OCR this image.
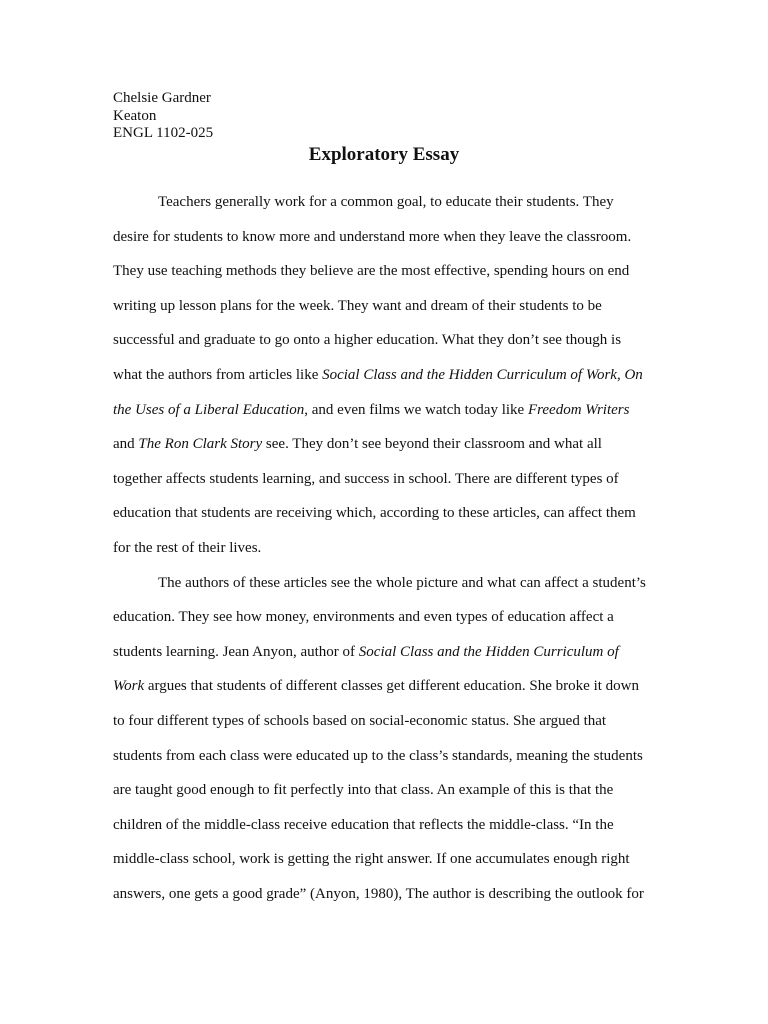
Chelsie Gardner
Keaton
ENGL 1102-025
Exploratory Essay
Teachers generally work for a common goal, to educate their students. They
desire for students to know more and understand more when they leave the classroom.
They use teaching methods they believe are the most effective, spending hours on end
writing up lesson plans for the week. They want and dream of their students to be
successful and graduate to go onto a higher education. What they don’t see though is
what the authors from articles like Social Class and the Hidden Curriculum of Work, On
the Uses of a Liberal Education, and even films we watch today like Freedom Writers
and The Ron Clark Story see. They don’t see beyond their classroom and what all
together affects students learning, and success in school. There are different types of
education that students are receiving which, according to these articles, can affect them
for the rest of their lives.
The authors of these articles see the whole picture and what can affect a student’s
education. They see how money, environments and even types of education affect a
students learning. Jean Anyon, author of Social Class and the Hidden Curriculum of
Work argues that students of different classes get different education. She broke it down
to four different types of schools based on social-economic status. She argued that
students from each class were educated up to the class’s standards, meaning the students
are taught good enough to fit perfectly into that class. An example of this is that the
children of the middle-class receive education that reflects the middle-class. “In the
middle-class school, work is getting the right answer. If one accumulates enough right
answers, one gets a good grade” (Anyon, 1980), The author is describing the outlook for
